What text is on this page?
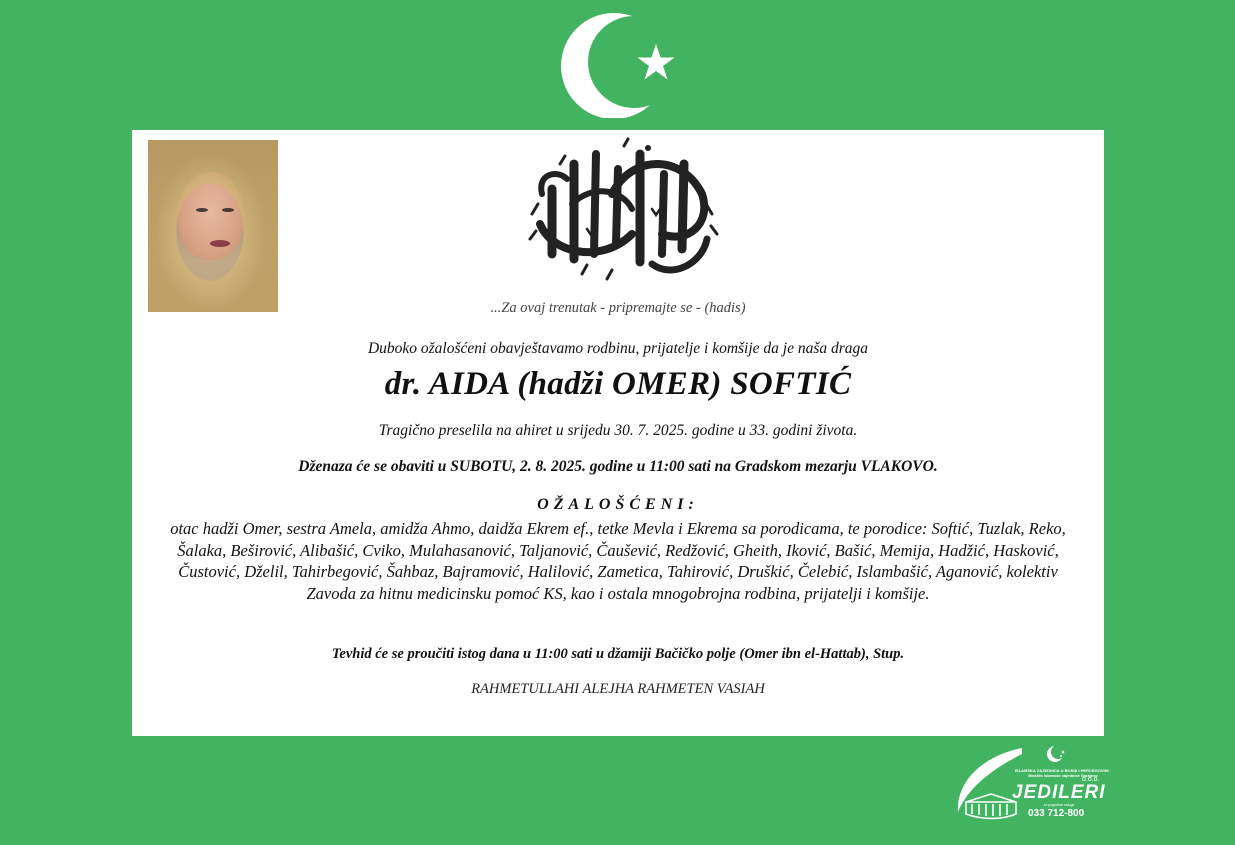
...Za ovaj trenutak - pripremajte se - (hadis)
Duboko ožalošćeni obavještavamo rodbinu, prijatelje i komšije da je naša draga
dr. AIDA (hadži OMER) SOFTIĆ
Tragično preselila na ahiret u srijedu 30. 7. 2025. godine u 33. godini života.
Dženaza će se obaviti u SUBOTU, 2. 8. 2025. godine u 11:00 sati na Gradskom mezarju VLAKOVO.
OŽALOŠĆENI:
otac hadži Omer, sestra Amela, amidža Ahmo, daidža Ekrem ef., tetke Mevla i Ekrema sa porodicama, te porodice: Softić, Tuzlak, Reko, Šalaka, Beširović, Alibašić, Cviko, Mulahasanović, Taljanović, Čaušević, Redžović, Gheith, Iković, Bašić, Memija, Hadžić, Hasković, Čustović, Dželil, Tahirbegović, Šahbaz, Bajramović, Halilović, Zametica, Tahirović, Druškić, Čelebić, Islambašić, Aganović, kolektiv Zavoda za hitnu medicinsku pomoć KS, kao i ostala mnogobrojna rodbina, prijatelji i komšije.
Tevhid će se proučiti istog dana u 11:00 sati u džamiji Bačičko polje (Omer ibn el-Hattab), Stup.
RAHMETULLAHI ALEJHA RAHMETEN VASIAH
ISLAMSKA ZAJEDNICA U BOSNI I HERCEGOVINI · Medžlis Islamske zajednice Sarajevo
d.o.o.
JEDILERI
za pogrebne usluge
033 712-800
